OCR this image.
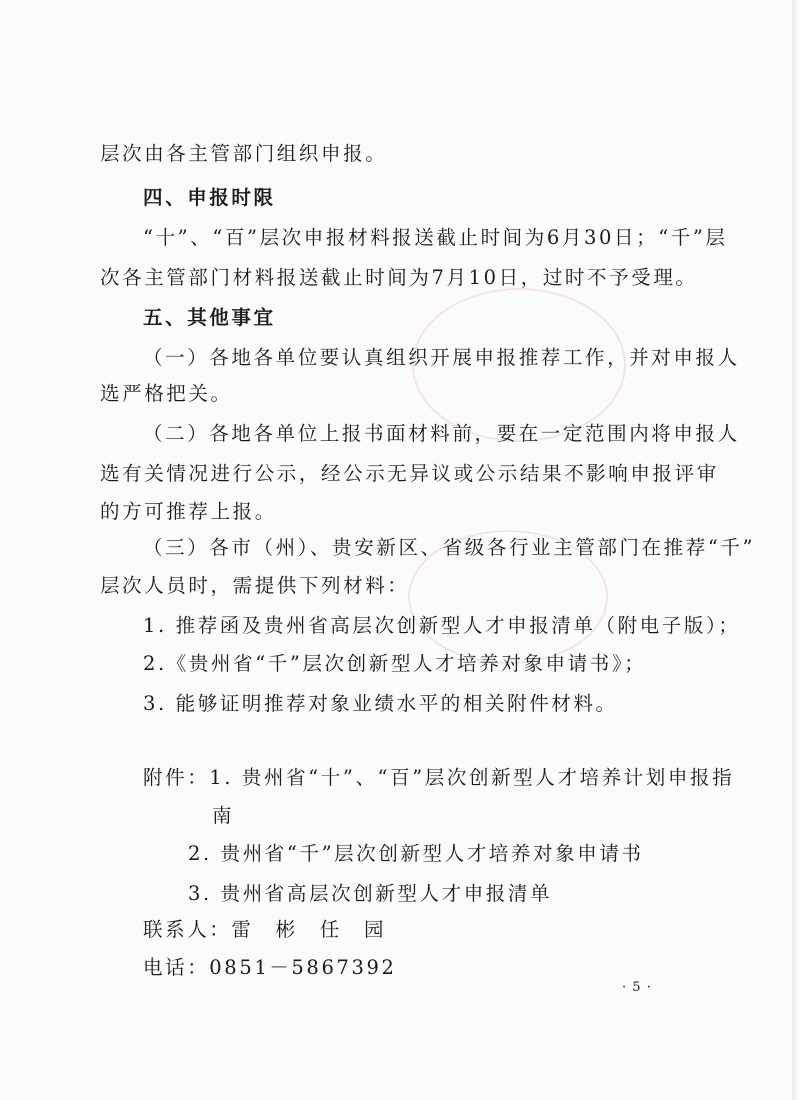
层次由各主管部门组织申报。
四、申报时限
“十”、“百”层次申报材料报送截止时间为6月30日；“千”层
次各主管部门材料报送截止时间为7月10日，过时不予受理。
五、其他事宜
（一）各地各单位要认真组织开展申报推荐工作，并对申报人
选严格把关。
（二）各地各单位上报书面材料前，要在一定范围内将申报人
选有关情况进行公示，经公示无异议或公示结果不影响申报评审
的方可推荐上报。
（三）各市（州）、贵安新区、省级各行业主管部门在推荐“千”
层次人员时，需提供下列材料：
1. 推荐函及贵州省高层次创新型人才申报清单（附电子版）；
2.《贵州省“千”层次创新型人才培养对象申请书》；
3. 能够证明推荐对象业绩水平的相关附件材料。
附件：1. 贵州省“十”、“百”层次创新型人才培养计划申报指
南
2. 贵州省“千”层次创新型人才培养对象申请书
3. 贵州省高层次创新型人才申报清单
联系人：雷　彬　任　园
电话：0851－5867392
· 5 ·
